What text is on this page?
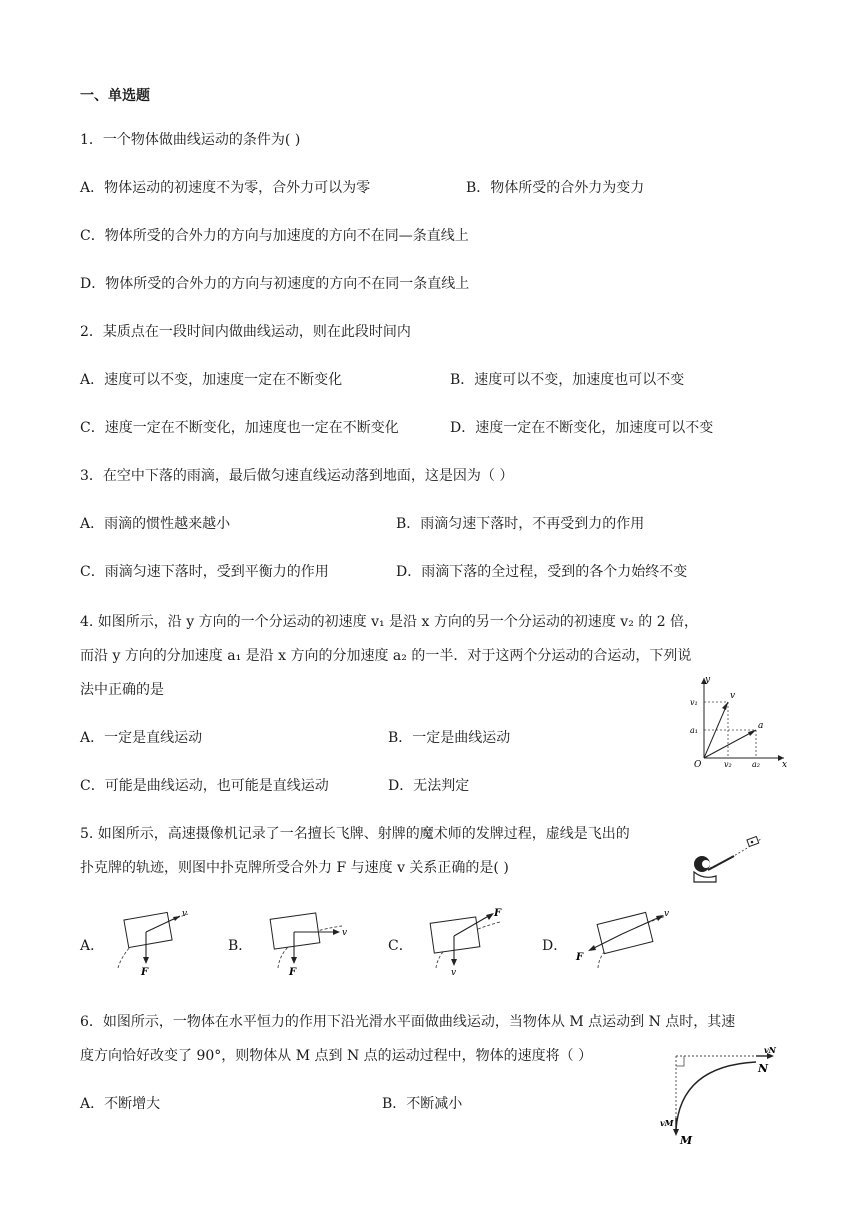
一、单选题
1．一个物体做曲线运动的条件为( )
A．物体运动的初速度不为零，合外力可以为零	B．物体所受的合外力为变力
C．物体所受的合外力的方向与加速度的方向不在同—条直线上
D．物体所受的合外力的方向与初速度的方向不在同一条直线上
2．某质点在一段时间内做曲线运动，则在此段时间内
A．速度可以不变，加速度一定在不断变化	B．速度可以不变，加速度也可以不变
C．速度一定在不断变化，加速度也一定在不断变化	D．速度一定在不断变化，加速度可以不变
3．在空中下落的雨滴，最后做匀速直线运动落到地面，这是因为（ ）
A．雨滴的惯性越来越小	B．雨滴匀速下落时，不再受到力的作用
C．雨滴匀速下落时，受到平衡力的作用	D．雨滴下落的全过程，受到的各个力始终不变
4. 如图所示，沿 y 方向的一个分运动的初速度 v₁ 是沿 x 方向的另一个分运动的初速度 v₂ 的 2 倍，
而沿 y 方向的分加速度 a₁ 是沿 x 方向的分加速度 a₂ 的一半．对于这两个分运动的合运动，下列说
法中正确的是
A．一定是直线运动	B．一定是曲线运动
C．可能是曲线运动，也可能是直线运动	D．无法判定
y
v
v₁
a
a₁
O	v₂	a₂ x
5. 如图所示，高速摄像机记录了一名擅长飞牌、射牌的魔术师的发牌过程，虚线是飞出的
扑克牌的轨迹，则图中扑克牌所受合外力 F 与速度 v 关系正确的是( )
A．
v
F
B．
v
F
C．
F
v
D．
v
F
6．如图所示，一物体在水平恒力的作用下沿光滑水平面做曲线运动，当物体从 M 点运动到 N 点时，其速
度方向恰好改变了 90°，则物体从 M 点到 N 点的运动过程中，物体的速度将（ ）
A．不断增大	B．不断减小
vN
N
vM
M
